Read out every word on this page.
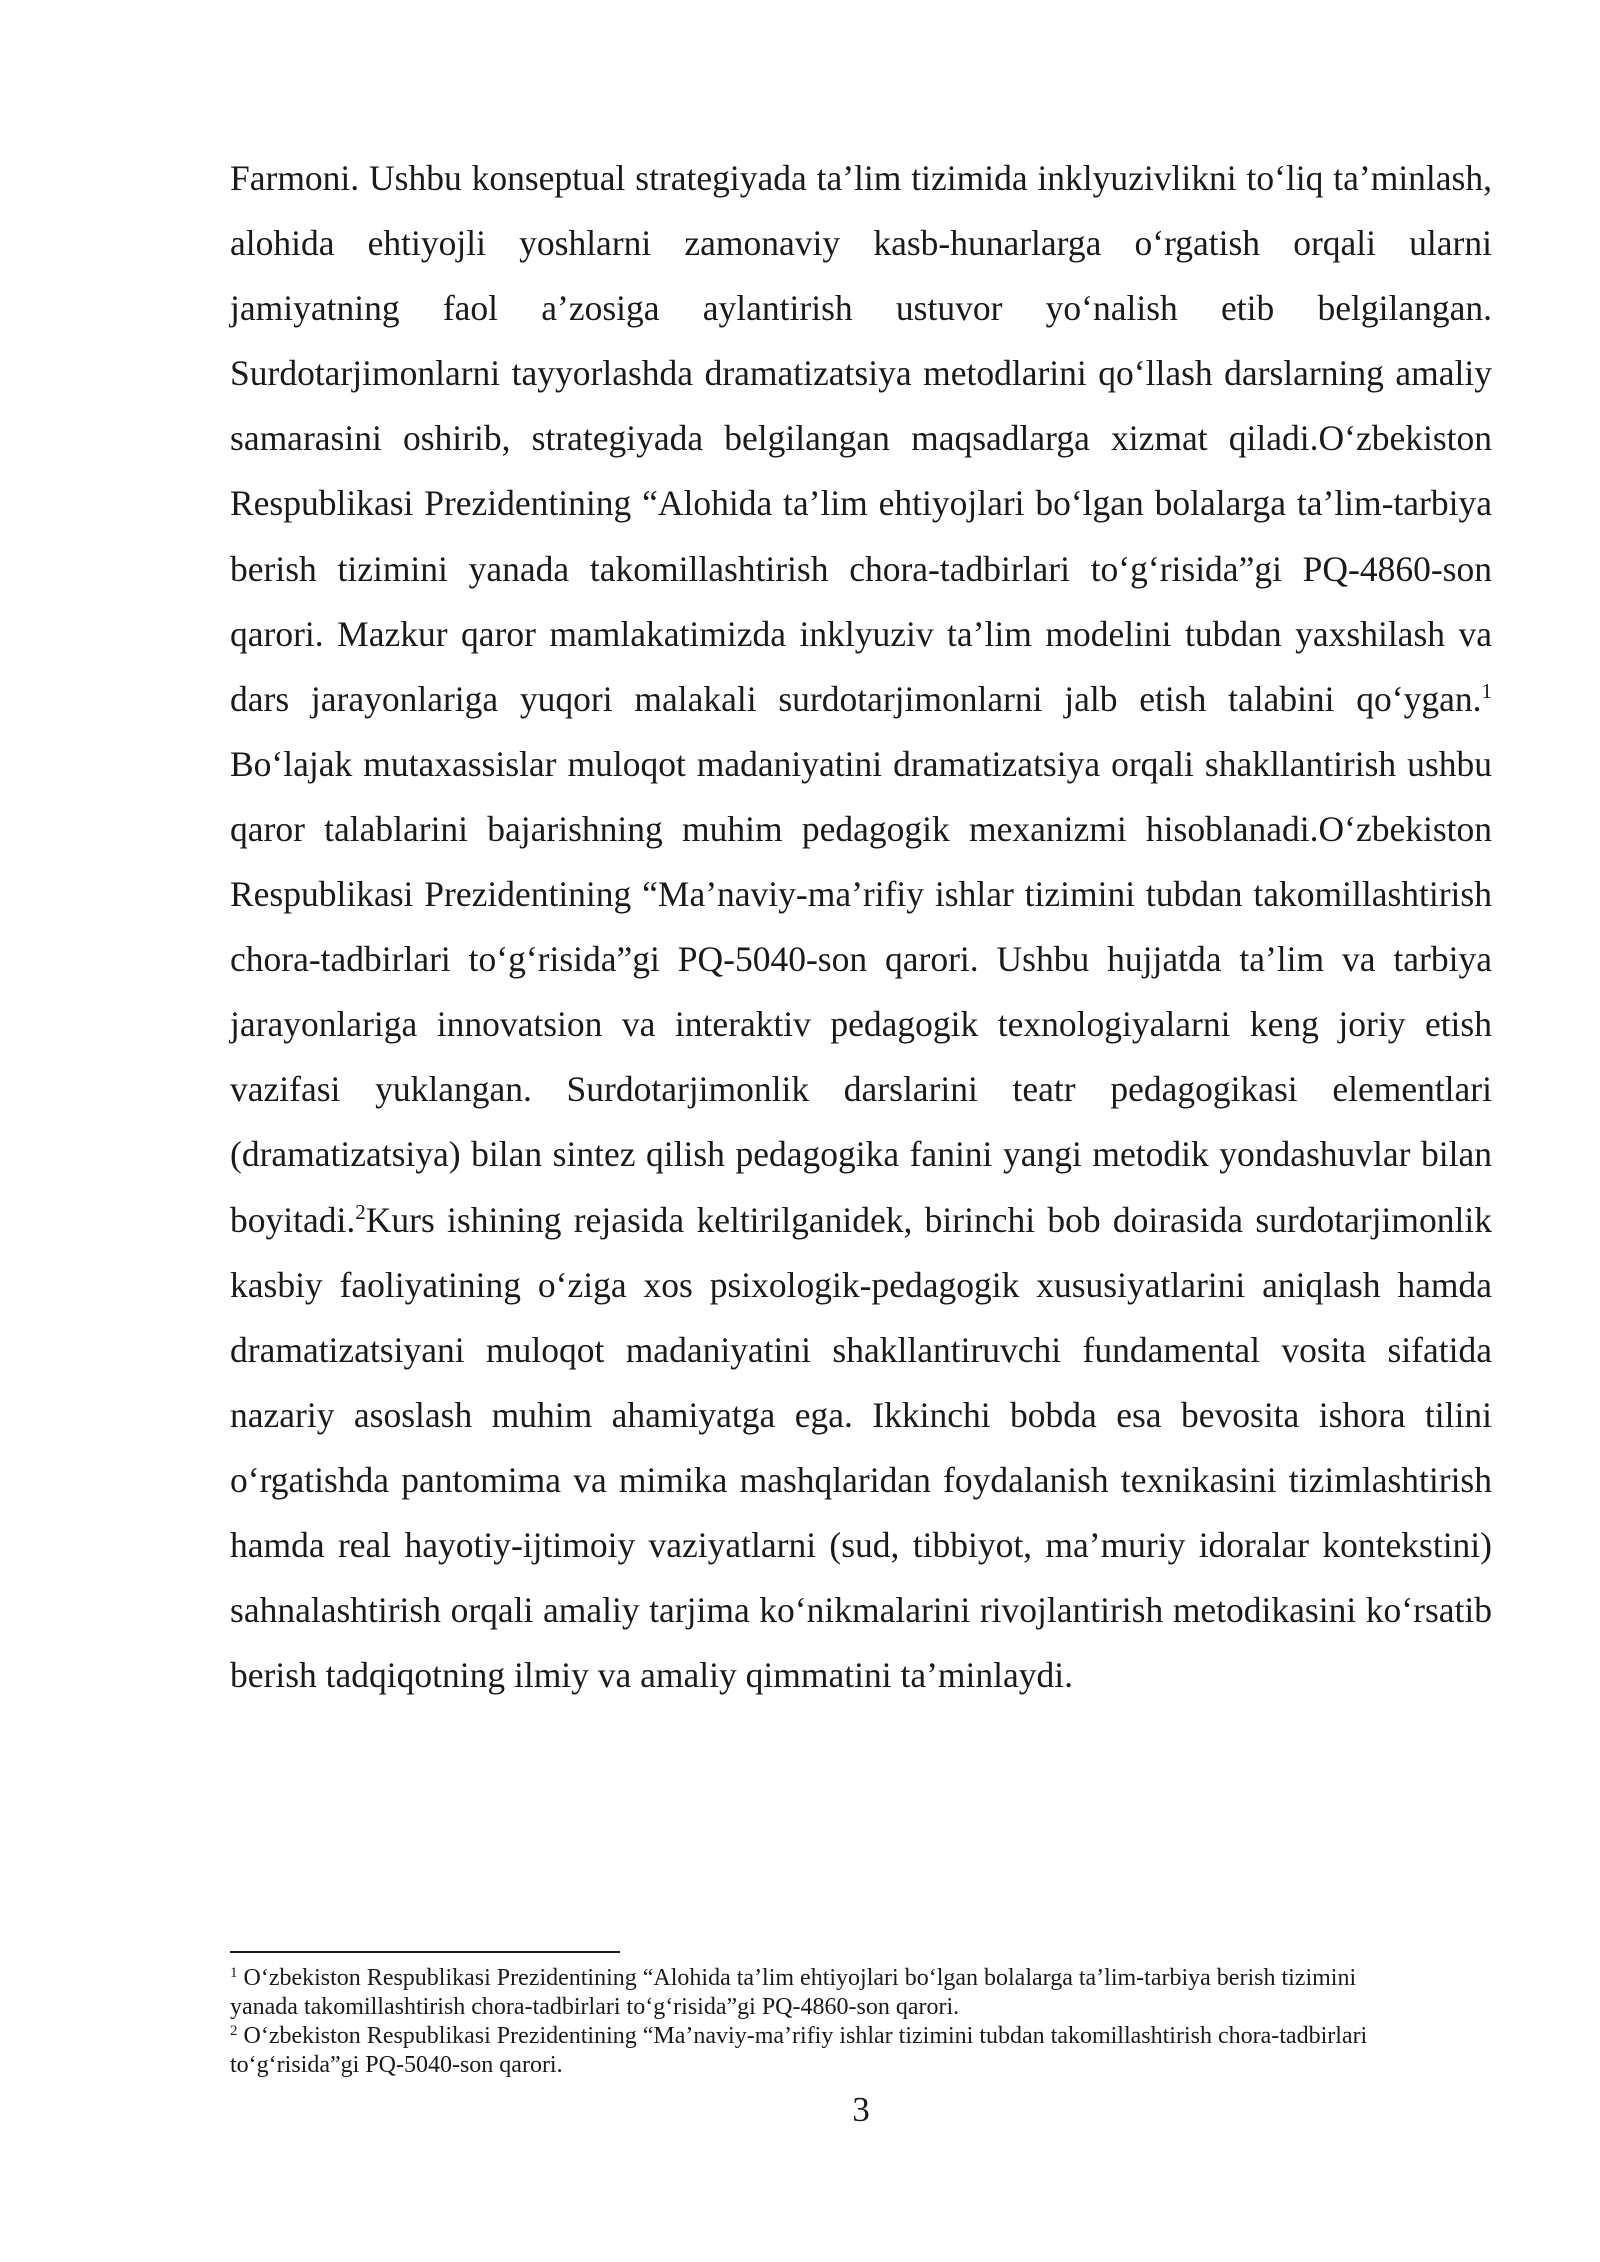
Farmoni. Ushbu konseptual strategiyada ta’lim tizimida inklyuzivlikni to‘liq ta’minlash, alohida ehtiyojli yoshlarni zamonaviy kasb-hunarlarga o‘rgatish orqali ularni jamiyatning faol a’zosiga aylantirish ustuvor yo‘nalish etib belgilangan. Surdotarjimonlarni tayyorlashda dramatizatsiya metodlarini qo‘llash darslarning amaliy samarasini oshirib, strategiyada belgilangan maqsadlarga xizmat qiladi.O‘zbekiston Respublikasi Prezidentining “Alohida ta’lim ehtiyojlari bo‘lgan bolalarga ta’lim-tarbiya berish tizimini yanada takomillashtirish chora-tadbirlari to‘g‘risida”gi PQ-4860-son qarori. Mazkur qaror mamlakatimizda inklyuziv ta’lim modelini tubdan yaxshilash va dars jarayonlariga yuqori malakali surdotarjimonlarni jalb etish talabini qo‘ygan.$^1$ Bo‘lajak mutaxassislar muloqot madaniyatini dramatizatsiya orqali shakllantirish ushbu qaror talablarini bajarishning muhim pedagogik mexanizmi hisoblanadi.O‘zbekiston Respublikasi Prezidentining “Ma’naviy-ma’rifiy ishlar tizimini tubdan takomillashtirish chora-tadbirlari to‘g‘risida”gi PQ-5040-son qarori. Ushbu hujjatda ta’lim va tarbiya jarayonlariga innovatsion va interaktiv pedagogik texnologiyalarni keng joriy etish vazifasi yuklangan. Surdotarjimonlik darslarini teatr pedagogikasi elementlari (dramatizatsiya) bilan sintez qilish pedagogika fanini yangi metodik yondashuvlar bilan boyitadi.$^2$Kurs ishining rejasida keltirilganidek, birinchi bob doirasida surdotarjimonlik kasbiy faoliyatining o‘ziga xos psixologik-pedagogik xususiyatlarini aniqlash hamda dramatizatsiyani muloqot madaniyatini shakllantiruvchi fundamental vosita sifatida nazariy asoslash muhim ahamiyatga ega. Ikkinchi bobda esa bevosita ishora tilini o‘rgatishda pantomima va mimika mashqlaridan foydalanish texnikasini tizimlashtirish hamda real hayotiy-ijtimoiy vaziyatlarni (sud, tibbiyot, ma’muriy idoralar kontekstini) sahnalashtirish orqali amaliy tarjima ko‘nikmalarini rivojlantirish metodikasini ko‘rsatib berish tadqiqotning ilmiy va amaliy qimmatini ta’minlaydi.

$^1$ O‘zbekiston Respublikasi Prezidentining “Alohida ta’lim ehtiyojlari bo‘lgan bolalarga ta’lim-tarbiya berish tizimini yanada takomillashtirish chora-tadbirlari to‘g‘risida”gi PQ-4860-son qarori.

$^2$ O‘zbekiston Respublikasi Prezidentining “Ma’naviy-ma’rifiy ishlar tizimini tubdan takomillashtirish chora-tadbirlari to‘g‘risida”gi PQ-5040-son qarori.

3
